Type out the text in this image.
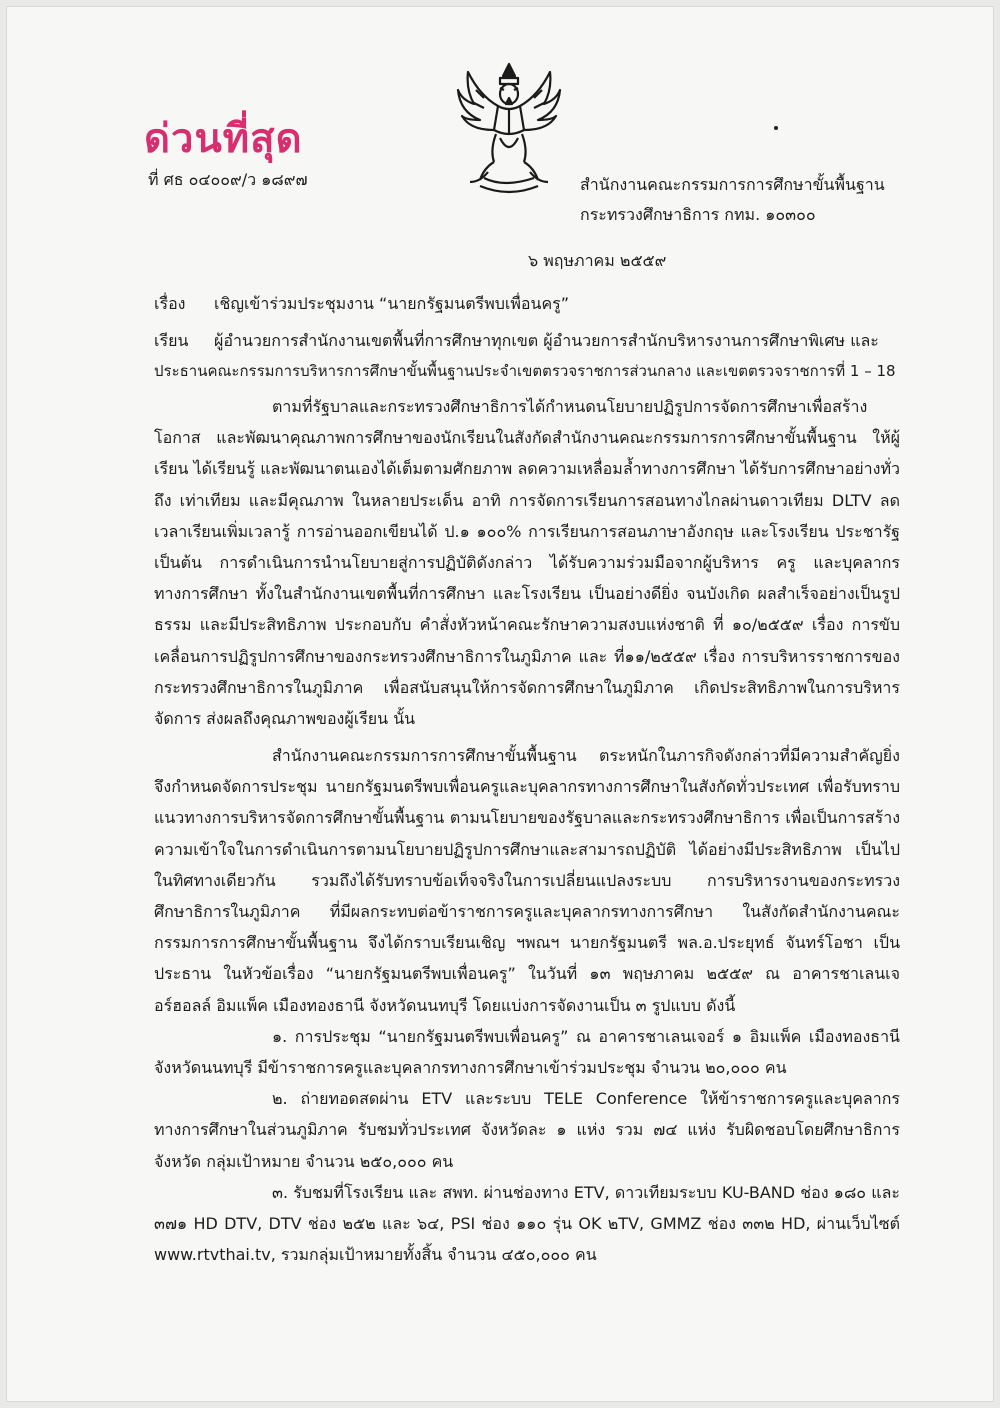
ด่วนที่สุด
ที่ ศธ ๐๔๐๐๙/ว ๑๘๙๗	สำนักงานคณะกรรมการการศึกษาขั้นพื้นฐาน
กระทรวงศึกษาธิการ กทม. ๑๐๓๐๐
๖ พฤษภาคม ๒๕๕๙
เรื่อง เชิญเข้าร่วมประชุมงาน “นายกรัฐมนตรีพบเพื่อนครู”
เรียน ผู้อำนวยการสำนักงานเขตพื้นที่การศึกษาทุกเขต ผู้อำนวยการสำนักบริหารงานการศึกษาพิเศษ และ
ประธานคณะกรรมการบริหารการศึกษาขั้นพื้นฐานประจำเขตตรวจราชการส่วนกลาง และเขตตรวจราชการที่ 1 – 18
ตามที่รัฐบาลและกระทรวงศึกษาธิการได้กำหนดนโยบายปฏิรูปการจัดการศึกษาเพื่อสร้างโอกาส และพัฒนาคุณภาพการศึกษาของนักเรียนในสังกัดสำนักงานคณะกรรมการการศึกษาขั้นพื้นฐาน ให้ผู้เรียน ได้เรียนรู้ และพัฒนาตนเองได้เต็มตามศักยภาพ ลดความเหลื่อมล้ำทางการศึกษา ได้รับการศึกษาอย่างทั่วถึง เท่าเทียม และมีคุณภาพ ในหลายประเด็น อาทิ การจัดการเรียนการสอนทางไกลผ่านดาวเทียม DLTV ลดเวลาเรียนเพิ่มเวลารู้ การอ่านออกเขียนได้ ป.๑ ๑๐๐% การเรียนการสอนภาษาอังกฤษ และโรงเรียน ประชารัฐ เป็นต้น การดำเนินการนำนโยบายสู่การปฏิบัติดังกล่าว ได้รับความร่วมมือจากผู้บริหาร ครู และบุคลากรทางการศึกษา ทั้งในสำนักงานเขตพื้นที่การศึกษา และโรงเรียน เป็นอย่างดียิ่ง จนบังเกิด ผลสำเร็จอย่างเป็นรูปธรรม และมีประสิทธิภาพ ประกอบกับ คำสั่งหัวหน้าคณะรักษาความสงบแห่งชาติ ที่ ๑๐/๒๕๕๙ เรื่อง การขับเคลื่อนการปฏิรูปการศึกษาของกระทรวงศึกษาธิการในภูมิภาค และ ที่๑๑/๒๕๕๙ เรื่อง การบริหารราชการของกระทรวงศึกษาธิการในภูมิภาค เพื่อสนับสนุนให้การจัดการศึกษาในภูมิภาค เกิดประสิทธิภาพในการบริหารจัดการ ส่งผลถึงคุณภาพของผู้เรียน นั้น
สำนักงานคณะกรรมการการศึกษาขั้นพื้นฐาน ตระหนักในภารกิจดังกล่าวที่มีความสำคัญยิ่ง จึงกำหนดจัดการประชุม นายกรัฐมนตรีพบเพื่อนครูและบุคลากรทางการศึกษาในสังกัดทั่วประเทศ เพื่อรับทราบแนวทางการบริหารจัดการศึกษาขั้นพื้นฐาน ตามนโยบายของรัฐบาลและกระทรวงศึกษาธิการ เพื่อเป็นการสร้างความเข้าใจในการดำเนินการตามนโยบายปฏิรูปการศึกษาและสามารถปฏิบัติ ได้อย่างมีประสิทธิภาพ เป็นไปในทิศทางเดียวกัน รวมถึงได้รับทราบข้อเท็จจริงในการเปลี่ยนแปลงระบบ การบริหารงานของกระทรวงศึกษาธิการในภูมิภาค ที่มีผลกระทบต่อข้าราชการครูและบุคลากรทางการศึกษา ในสังกัดสำนักงานคณะกรรมการการศึกษาขั้นพื้นฐาน จึงได้กราบเรียนเชิญ ฯพณฯ นายกรัฐมนตรี พล.อ.ประยุทธ์ จันทร์โอชา เป็นประธาน ในหัวข้อเรื่อง “นายกรัฐมนตรีพบเพื่อนครู” ในวันที่ ๑๓ พฤษภาคม ๒๕๕๙ ณ อาคารชาเลนเจอร์ฮอลล์ อิมแพ็ค เมืองทองธานี จังหวัดนนทบุรี โดยแบ่งการจัดงานเป็น ๓ รูปแบบ ดังนี้
๑. การประชุม “นายกรัฐมนตรีพบเพื่อนครู” ณ อาคารชาเลนเจอร์ ๑ อิมแพ็ค เมืองทองธานี จังหวัดนนทบุรี มีข้าราชการครูและบุคลากรทางการศึกษาเข้าร่วมประชุม จำนวน ๒๐,๐๐๐ คน
๒. ถ่ายทอดสดผ่าน ETV และระบบ TELE Conference ให้ข้าราชการครูและบุคลากร ทางการศึกษาในส่วนภูมิภาค รับชมทั่วประเทศ จังหวัดละ ๑ แห่ง รวม ๗๔ แห่ง รับผิดชอบโดยศึกษาธิการ จังหวัด กลุ่มเป้าหมาย จำนวน ๒๕๐,๐๐๐ คน
๓. รับชมที่โรงเรียน และ สพท. ผ่านช่องทาง ETV, ดาวเทียมระบบ KU-BAND ช่อง ๑๘๐ และ ๓๗๑ HD DTV, DTV ช่อง ๒๕๒ และ ๖๔, PSI ช่อง ๑๑๐ รุ่น OK ๒TV, GMMZ ช่อง ๓๓๒ HD, ผ่านเว็บไซต์ www.rtvthai.tv, รวมกลุ่มเป้าหมายทั้งสิ้น จำนวน ๔๕๐,๐๐๐ คน
